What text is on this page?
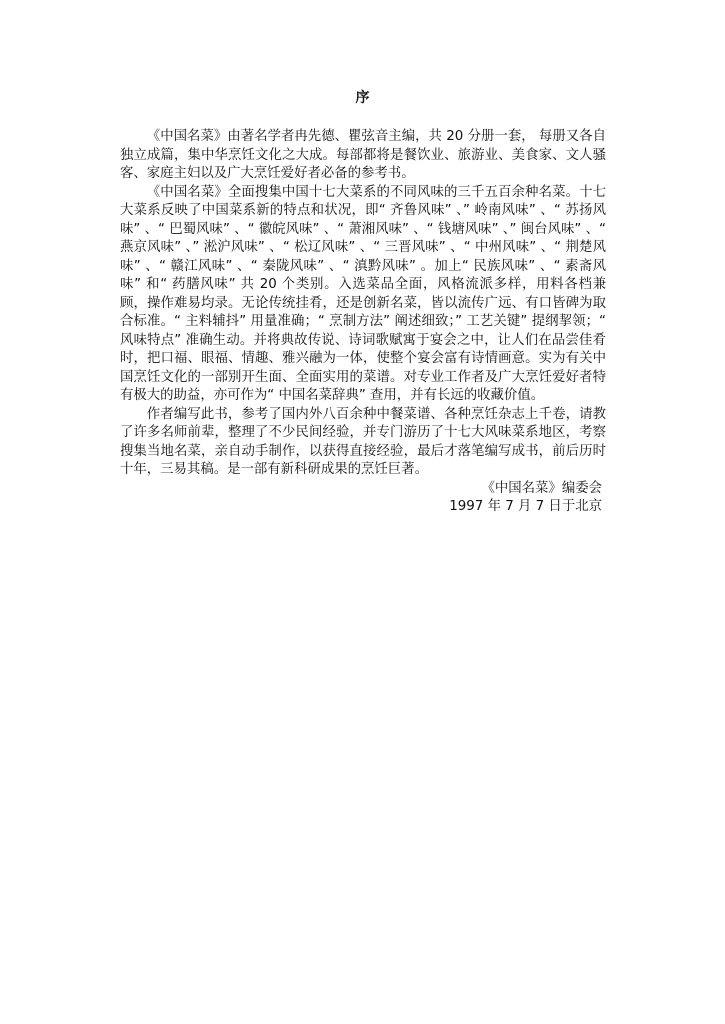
序

《中国名菜》由著名学者冉先德、瞿弦音主编，共 20 分册一套， 每册又各自独立成篇，集中华烹饪文化之大成。每部都将是餐饮业、旅游业、美食家、文人骚客、家庭主妇以及广大烹饪爱好者必备的参考书。

《中国名菜》全面搜集中国十七大菜系的不同风味的三千五百余种名菜。十七大菜系反映了中国菜系新的特点和状况，即“ 齐鲁风味” 、” 岭南风味” 、“ 苏扬风味” 、“ 巴蜀风味” 、“ 徽皖风味” 、“ 萧湘风味” 、“ 钱塘风味” 、” 闽台风味” 、“ 燕京风味” 、” 淞沪风味” 、“ 松辽风味” 、“ 三晋风味” 、“ 中州风味” 、“ 荆楚风味” 、“ 赣江风味” 、“ 秦陇风味” 、“ 滇黔风味” 。加上“ 民族风味” 、“ 素斋风味” 和“ 药膳风味” 共 20 个类别。入选菜品全面，风格流派多样，用料各档兼顾，操作难易均录。无论传统挂肴，还是创新名菜，皆以流传广远、有口皆碑为取合标准。“ 主料辅抖” 用量准确；“ 烹制方法” 阐述细致；” 工艺关键” 提纲挈领；“ 风味特点” 准确生动。并将典故传说、诗词歌赋寓于宴会之中，让人们在品尝佳肴时，把口福、眼福、情趣、雅兴融为一体，使整个宴会富有诗情画意。实为有关中国烹饪文化的一部别开生面、全面实用的菜谱。对专业工作者及广大烹饪爱好者特有极大的助益，亦可作为“ 中国名菜辞典” 查用，并有长远的收藏价值。

作者编写此书，参考了国内外八百余种中餐菜谱、各种烹饪杂志上千卷，请教了许多名师前辈，整理了不少民间经验，并专门游历了十七大风味菜系地区，考察搜集当地名菜，亲自动手制作，以获得直接经验，最后才落笔编写成书，前后历时十年，三易其稿。是一部有新科研成果的烹饪巨著。

《中国名菜》编委会

1997 年 7 月 7 日于北京
